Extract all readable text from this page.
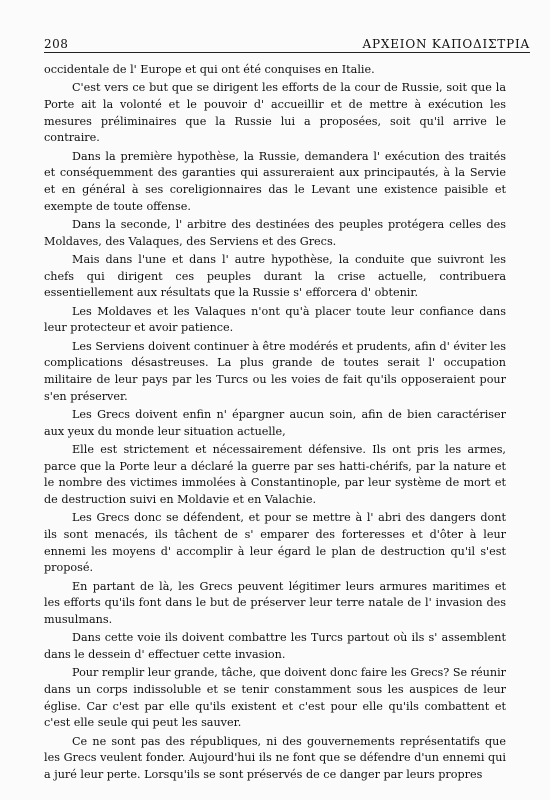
208	ΑΡΧΕΙΟΝ ΚΑΠΟΔΙΣΤΡΙΑ

occidentale de l' Europe et qui ont été conquises en Italie.

C'est vers ce but que se dirigent les efforts de la cour de Russie, soit que la Porte ait la volonté et le pouvoir d' accueillir et de mettre à exécution les mesures préliminaires que la Russie lui a proposées, soit qu'il arrive le contraire.

Dans la première hypothèse, la Russie, demandera l' exécution des traités et conséquemment des garanties qui assureraient aux principautés, à la Servie et en général à ses coreligionnaires das le Levant une existence paisible et exempte de toute offense.

Dans la seconde, l' arbitre des destinées des peuples protégera celles des Moldaves, des Valaques, des Serviens et des Grecs.

Mais dans l'une et dans l' autre hypothèse, la conduite que suivront les chefs qui dirigent ces peuples durant la crise actuelle, contribuera essentiellement aux résultats que la Russie s' efforcera d' obtenir.

Les Moldaves et les Valaques n'ont qu'à placer toute leur confiance dans leur protecteur et avoir patience.

Les Serviens doivent continuer à être modérés et prudents, afin d' éviter les complications désastreuses. La plus grande de toutes serait l' occupation militaire de leur pays par les Turcs ou les voies de fait qu'ils opposeraient pour s'en préserver.

Les Grecs doivent enfin n' épargner aucun soin, afin de bien caractériser aux yeux du monde leur situation actuelle,

Elle est strictement et nécessairement défensive. Ils ont pris les armes, parce que la Porte leur a déclaré la guerre par ses hatti-chérifs, par la nature et le nombre des victimes immolées à Constantinople, par leur système de mort et de destruction suivi en Moldavie et en Valachie.

Les Grecs donc se défendent, et pour se mettre à l' abri des dangers dont ils sont menacés, ils tâchent de s' emparer des forteresses et d'ôter à leur ennemi les moyens d' accomplir à leur égard le plan de destruction qu'il s'est proposé.

En partant de là, les Grecs peuvent légitimer leurs armures maritimes et les efforts qu'ils font dans le but de préserver leur terre natale de l' invasion des musulmans.

Dans cette voie ils doivent combattre les Turcs partout où ils s' assemblent dans le dessein d' effectuer cette invasion.

Pour remplir leur grande, tâche, que doivent donc faire les Grecs? Se réunir dans un corps indissoluble et se tenir constamment sous les auspices de leur église. Car c'est par elle qu'ils existent et c'est pour elle qu'ils combattent et c'est elle seule qui peut les sauver.

Ce ne sont pas des républiques, ni des gouvernements représentatifs que les Grecs veulent fonder. Aujourd'hui ils ne font que se défendre d'un ennemi qui a juré leur perte. Lorsqu'ils se sont préservés de ce danger par leurs propres
